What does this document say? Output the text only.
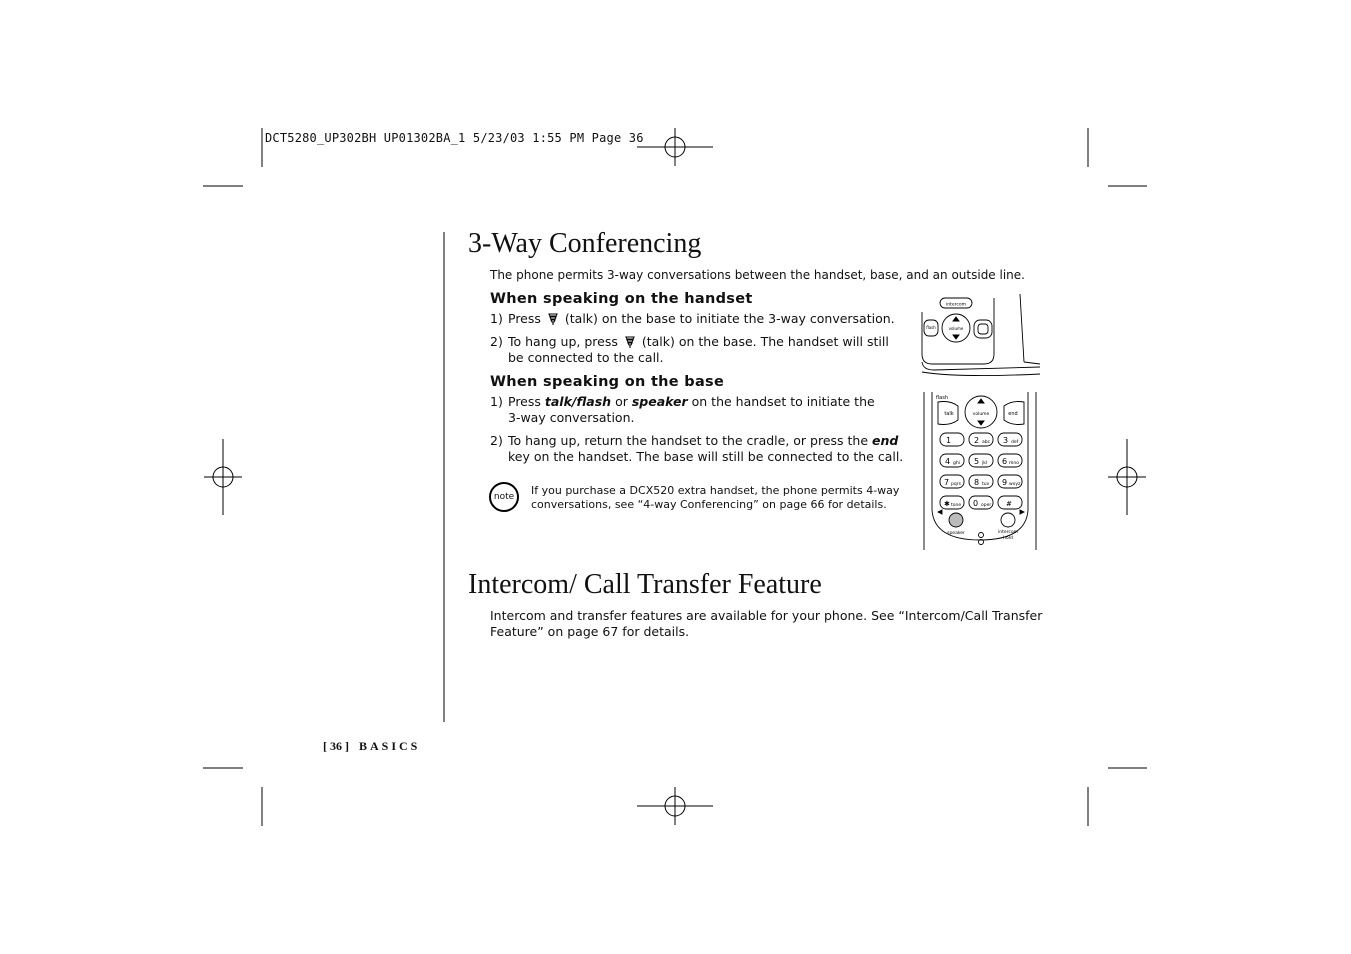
DCT5280_UP302BH UP01302BA_1 5/23/03 1:55 PM Page 36
3-Way Conferencing
The phone permits 3-way conversations between the handset, base, and an outside line.
When speaking on the handset
1) Press (talk) on the base to initiate the 3-way conversation.
2) To hang up, press (talk) on the base. The handset will still
be connected to the call.
When speaking on the base
1) Press talk/flash or speaker on the handset to initiate the
3-way conversation.
2) To hang up, return the handset to the cradle, or press the end
key on the handset. The base will still be connected to the call.
note	If you purchase a DCX520 extra handset, the phone permits 4-way
conversations, see “4-way Conferencing” on page 66 for details.
intercom
flash	volume
flash
talk	volume	end
1	2 abc 3 def
4 ghi 5 jkl 6 mno
7 pqrs 8 tuv 9 wxyz
✱ tone 0 oper #
speaker	intercom
hold
Intercom/ Call Transfer Feature
Intercom and transfer features are available for your phone. See “Intercom/Call Transfer
Feature” on page 67 for details.
[ 36 ] BASICS
